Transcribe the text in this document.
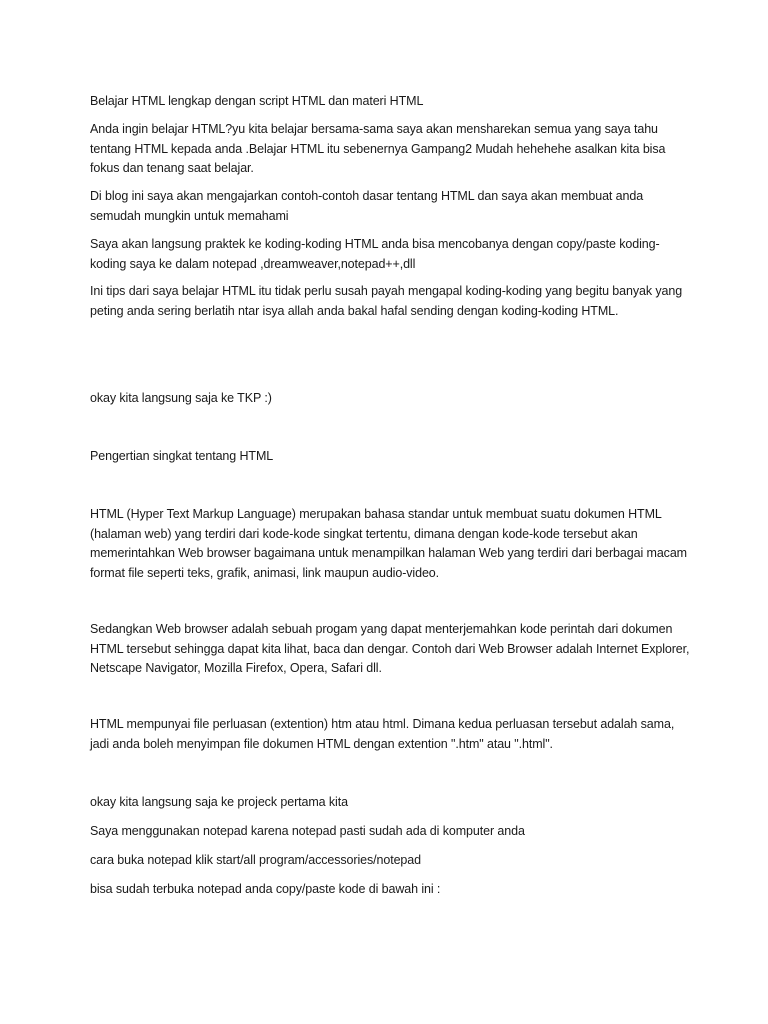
Belajar HTML lengkap dengan script HTML dan materi HTML

Anda ingin belajar HTML?yu kita belajar bersama-sama saya akan mensharekan semua yang saya tahu tentang HTML kepada anda .Belajar HTML itu sebenernya Gampang2 Mudah hehehehe asalkan kita bisa fokus dan tenang saat belajar.

Di blog ini saya akan mengajarkan contoh-contoh dasar tentang HTML dan saya akan membuat anda semudah mungkin untuk memahami

Saya akan langsung praktek ke koding-koding HTML anda bisa mencobanya dengan copy/paste koding-koding saya ke dalam notepad ,dreamweaver,notepad++,dll

Ini tips dari saya belajar HTML itu tidak perlu susah payah mengapal koding-koding yang begitu banyak yang peting anda sering berlatih ntar isya allah anda bakal hafal sending dengan koding-koding HTML.

okay kita langsung saja ke TKP :)

Pengertian singkat tentang HTML

HTML (Hyper Text Markup Language) merupakan bahasa standar untuk membuat suatu dokumen HTML (halaman web) yang terdiri dari kode-kode singkat tertentu, dimana dengan kode-kode tersebut akan memerintahkan Web browser bagaimana untuk menampilkan halaman Web yang terdiri dari berbagai macam format file seperti teks, grafik, animasi, link maupun audio-video.

Sedangkan Web browser adalah sebuah progam yang dapat menterjemahkan kode perintah dari dokumen HTML tersebut sehingga dapat kita lihat, baca dan dengar. Contoh dari Web Browser adalah Internet Explorer, Netscape Navigator, Mozilla Firefox, Opera, Safari dll.

HTML mempunyai file perluasan (extention) htm atau html. Dimana kedua perluasan tersebut adalah sama, jadi anda boleh menyimpan file dokumen HTML dengan extention ".htm" atau ".html".

okay kita langsung saja ke projeck pertama kita

Saya menggunakan notepad karena notepad pasti sudah ada di komputer anda

cara buka notepad klik start/all program/accessories/notepad

bisa sudah terbuka notepad anda copy/paste kode di bawah ini :
